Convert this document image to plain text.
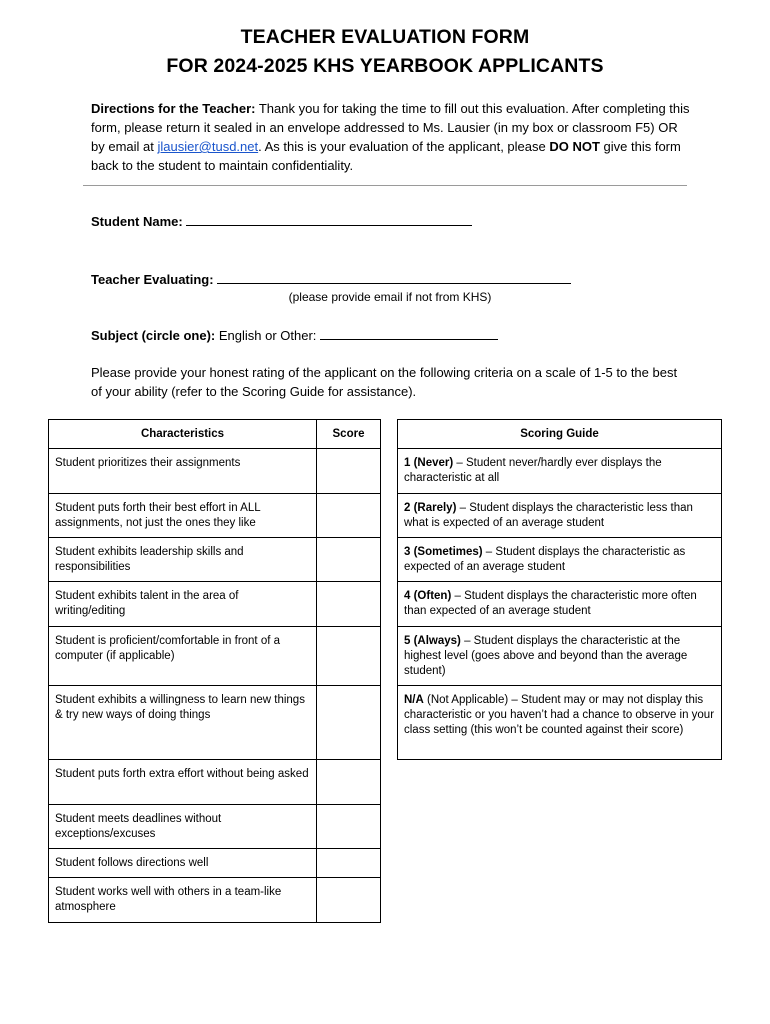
TEACHER EVALUATION FORM
FOR 2024-2025 KHS YEARBOOK APPLICANTS
Directions for the Teacher: Thank you for taking the time to fill out this evaluation. After completing this form, please return it sealed in an envelope addressed to Ms. Lausier (in my box or classroom F5) OR by email at jlausier@tusd.net. As this is your evaluation of the applicant, please DO NOT give this form back to the student to maintain confidentiality.
Student Name:
Teacher Evaluating:
(please provide email if not from KHS)
Subject (circle one): English or Other:
Please provide your honest rating of the applicant on the following criteria on a scale of 1-5 to the best of your ability (refer to the Scoring Guide for assistance).
Characteristics	Score

Student prioritizes their assignments	

Student puts forth their best effort in ALL assignments, not just the ones they like	

Student exhibits leadership skills and responsibilities	

Student exhibits talent in the area of writing/editing	

Student is proficient/comfortable in front of a computer (if applicable)	

Student exhibits a willingness to learn new things & try new ways of doing things	

Student puts forth extra effort without being asked	

Student meets deadlines without exceptions/excuses	

Student follows directions well	

Student works well with others in a team-like atmosphere	

Scoring Guide

1 (Never) – Student never/hardly ever displays the characteristic at all

2 (Rarely) – Student displays the characteristic less than what is expected of an average student

3 (Sometimes) – Student displays the characteristic as expected of an average student

4 (Often) – Student displays the characteristic more often than expected of an average student

5 (Always) – Student displays the characteristic at the highest level (goes above and beyond than the average student)

N/A (Not Applicable) – Student may or may not display this characteristic or you haven’t had a chance to observe in your class setting (this won’t be counted against their score)
